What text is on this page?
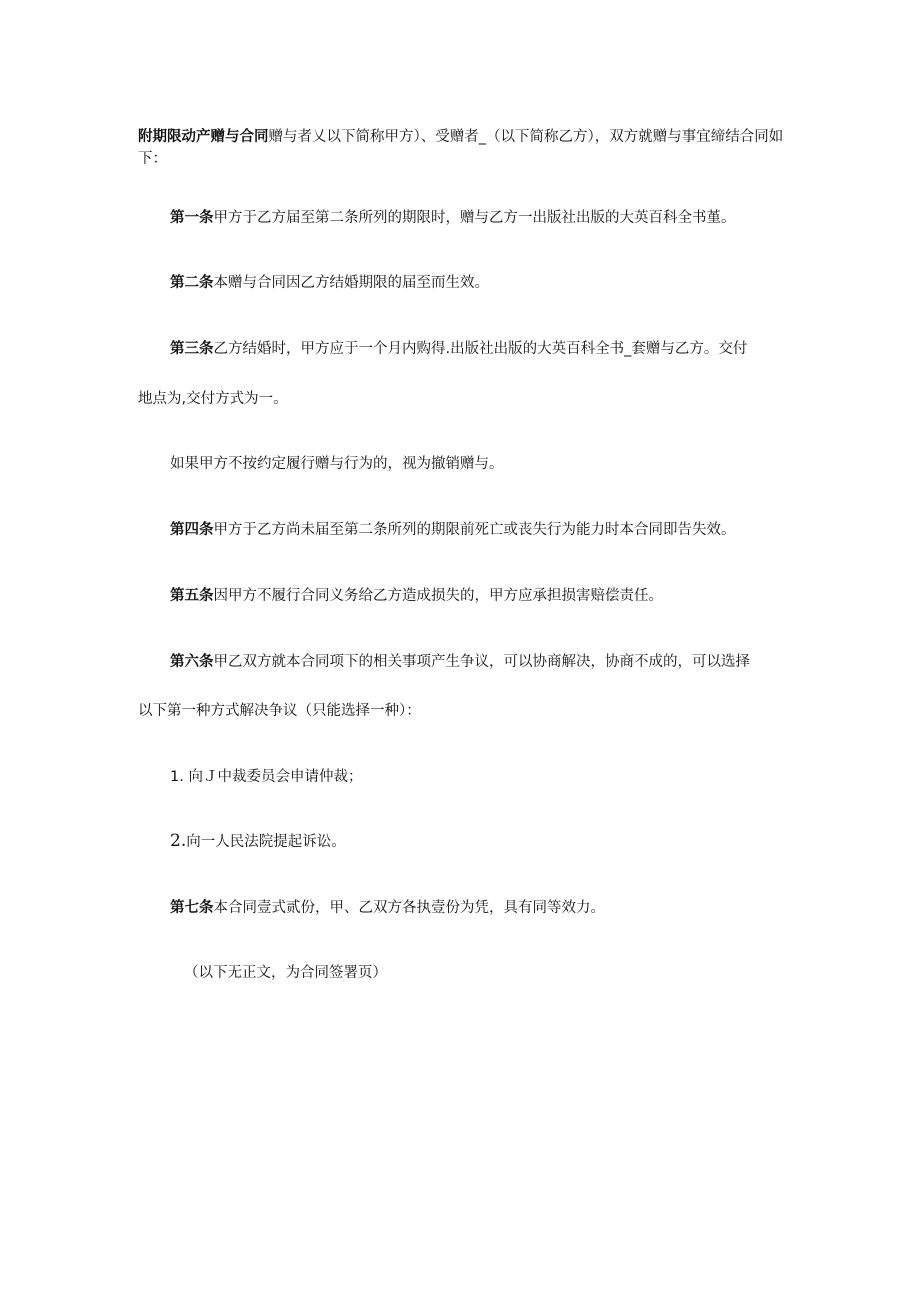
附期限动产赠与合同赠与者乂以下简称甲方）、受赠者_（以下简称乙方），双方就赠与事宜缔结合同如下：

第一条甲方于乙方届至第二条所列的期限时，赠与乙方一出版社出版的大英百科全书堇。

第二条本赠与合同因乙方结婚期限的届至而生效。

第三条乙方结婚时，甲方应于一个月内购得.出版社出版的大英百科全书_套赠与乙方。交付

地点为,交付方式为一。

如果甲方不按约定履行赠与行为的，视为撤销赠与。

第四条甲方于乙方尚未届至第二条所列的期限前死亡或丧失行为能力时本合同即告失效。

第五条因甲方不履行合同义务给乙方造成损失的，甲方应承担损害赔偿责任。

第六条甲乙双方就本合同项下的相关事项产生争议，可以协商解决，协商不成的，可以选择

以下第一种方式解决争议（只能选择一种）：

1. 向Ｊ中裁委员会申请仲裁；

2.向一人民法院提起诉讼。

第七条本合同壹式贰份，甲、乙双方各执壹份为凭，具有同等效力。

（以下无正文，为合同签署页）
